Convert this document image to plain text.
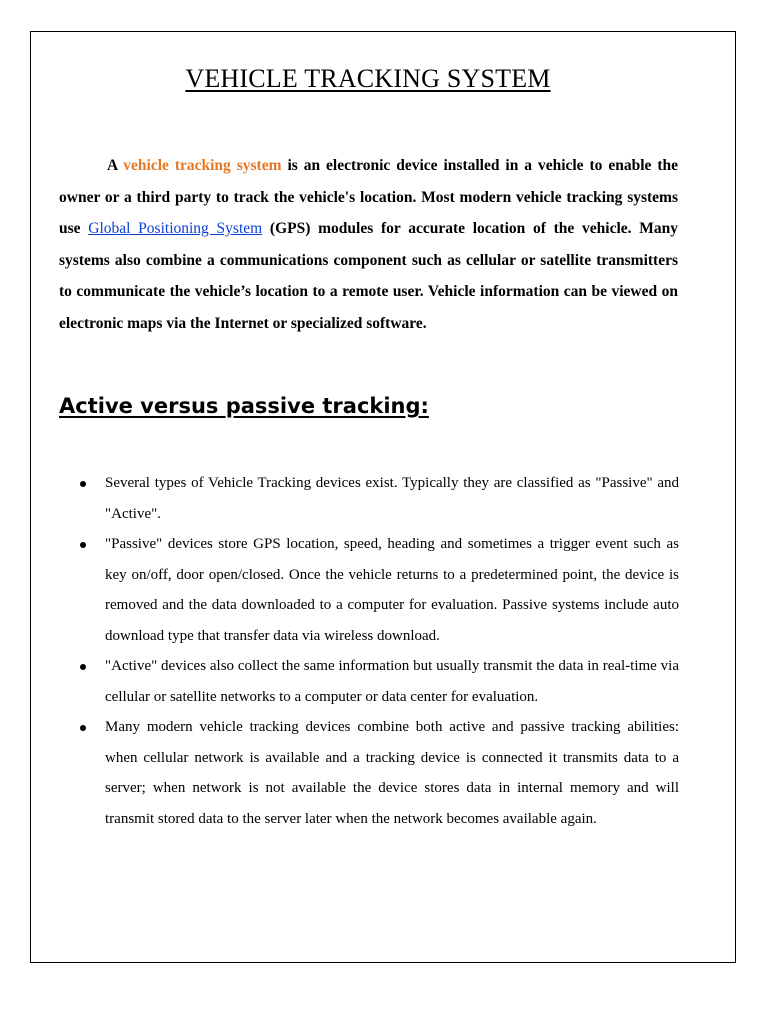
VEHICLE TRACKING SYSTEM

A vehicle tracking system is an electronic device installed in a vehicle to enable the owner or a third party to track the vehicle's location. Most modern vehicle tracking systems use Global Positioning System (GPS) modules for accurate location of the vehicle. Many systems also combine a communications component such as cellular or satellite transmitters to communicate the vehicle’s location to a remote user. Vehicle information can be viewed on electronic maps via the Internet or specialized software.

Active versus passive tracking:
Several types of Vehicle Tracking devices exist. Typically they are classified as "Passive" and "Active".
"Passive" devices store GPS location, speed, heading and sometimes a trigger event such as key on/off, door open/closed. Once the vehicle returns to a predetermined point, the device is removed and the data downloaded to a computer for evaluation. Passive systems include auto download type that transfer data via wireless download.
"Active" devices also collect the same information but usually transmit the data in real-time via cellular or satellite networks to a computer or data center for evaluation.
Many modern vehicle tracking devices combine both active and passive tracking abilities: when cellular network is available and a tracking device is connected it transmits data to a server; when network is not available the device stores data in internal memory and will transmit stored data to the server later when the network becomes available again.
